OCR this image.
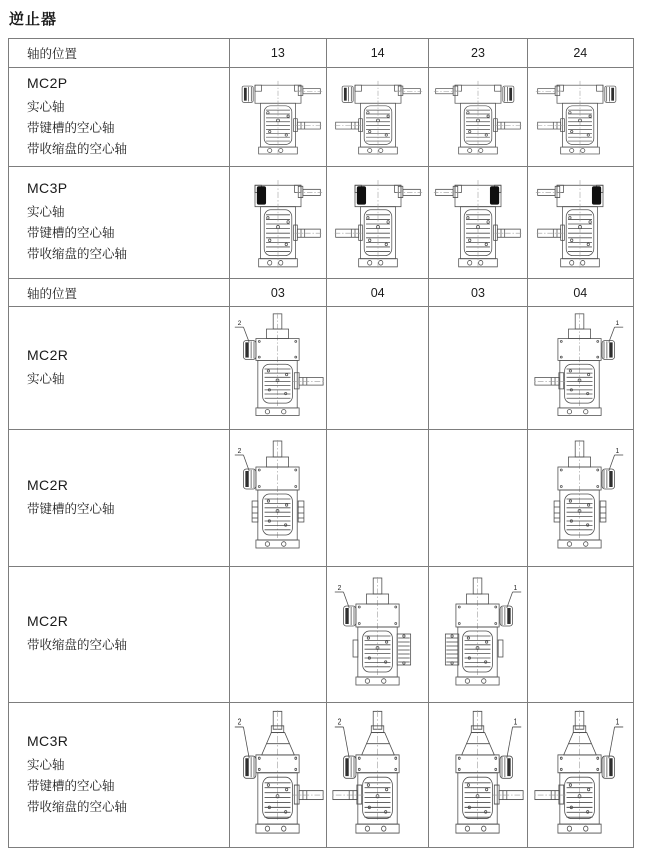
逆止器
轴的位置	13	14	23	24

MC2P
实心轴
带键槽的空心轴
带收缩盘的空心轴

MC3P
实心轴
带键槽的空心轴
带收缩盘的空心轴

轴的位置	03	04	03	04

MC2R
实心轴	2			1

MC2R
带键槽的空心轴	2			1

MC2R
带收缩盘的空心轴		2	1	

MC3R
实心轴
带键槽的空心轴
带收缩盘的空心轴	2	2	1	1
